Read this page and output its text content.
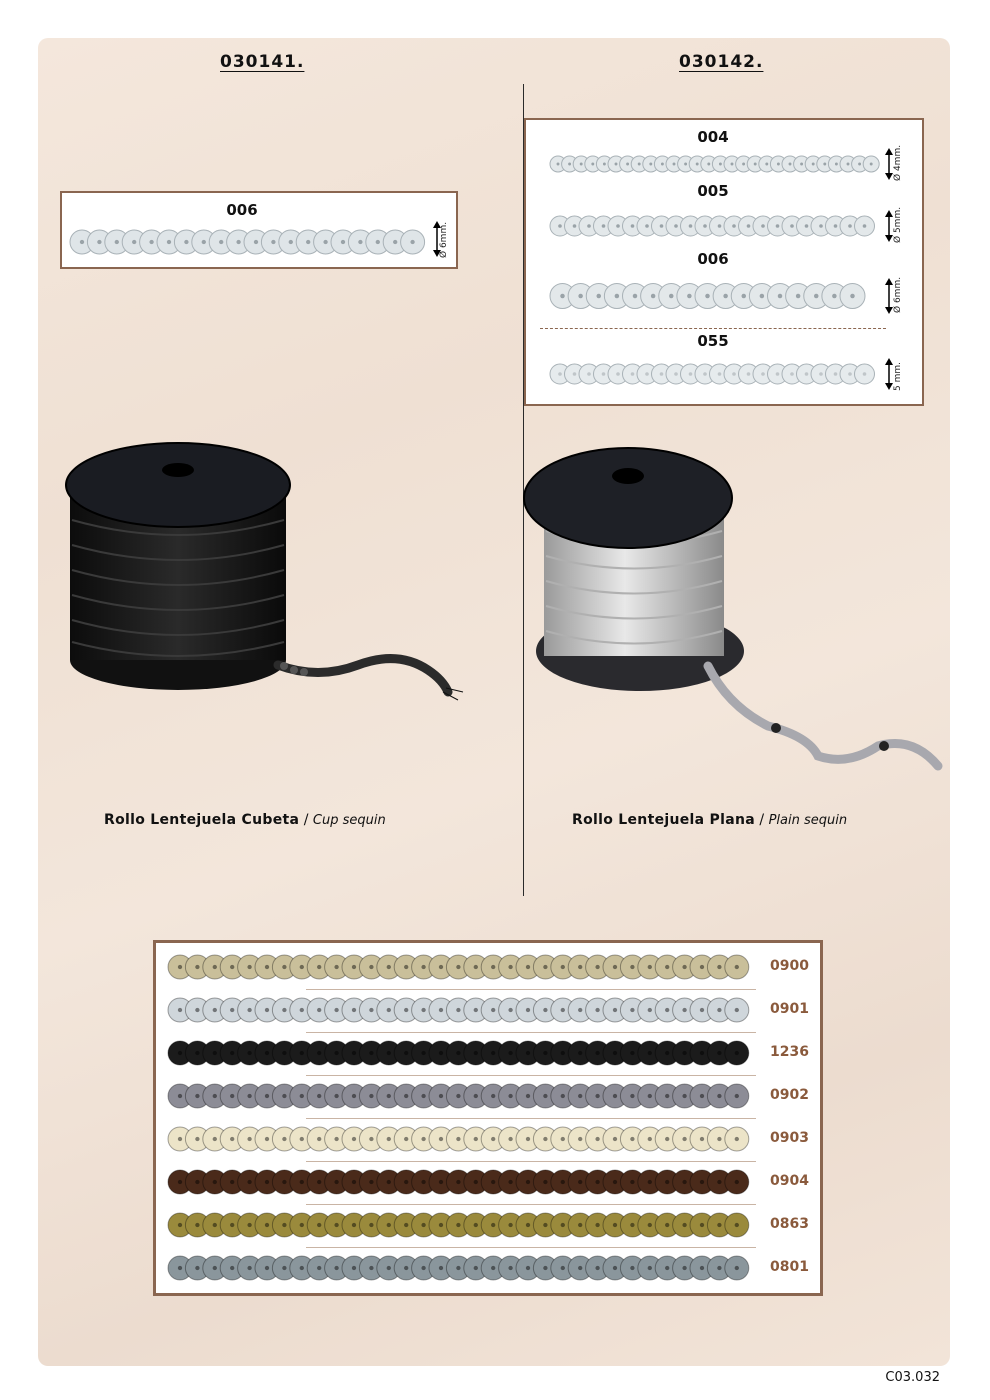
030141.
006
Ø 6mm.
Rollo Lentejuela Cubeta / Cup sequin
030142.
004
Ø 4mm.
005
Ø 5mm.
006
Ø 6mm.
055
5 mm.
Rollo Lentejuela Plana / Plain sequin
0900
0901
1236
0902
0903
0904
0863
0801
C03.032
